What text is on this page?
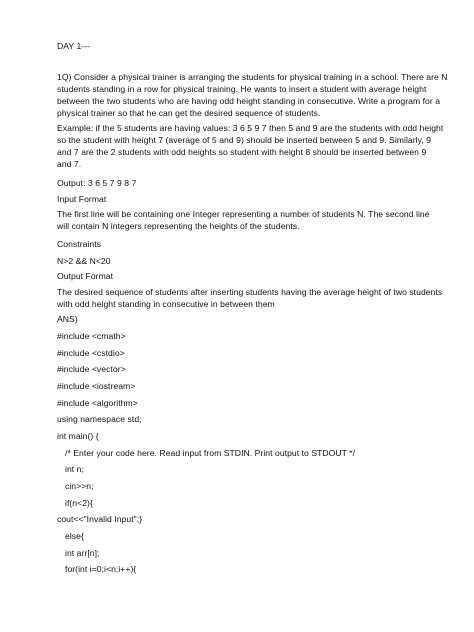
DAY 1---
1Q) Consider a physical trainer is arranging the students for physical training in a school. There are N
students standing in a row for physical training. He wants to insert a student with average height
between the two students who are having odd height standing in consecutive. Write a program for a
physical trainer so that he can get the desired sequence of students.
Example: if the 5 students are having values: 3 6 5 9 7 then 5 and 9 are the students with odd height
so the student with height 7 (average of 5 and 9) should be inserted between 5 and 9. Similarly, 9
and 7 are the 2 students with odd heights so student with height 8 should be inserted between 9
and 7.
Output: 3 6 5 7 9 8 7
Input Format
The first line will be containing one Integer representing a number of students N. The second line
will contain N integers representing the heights of the students.
Constraints
N>2 && N<20
Output Format
The desired sequence of students after inserting students having the average height of two students
with odd height standing in consecutive in between them
ANS)
#include <cmath>
#include <cstdio>
#include <vector>
#include <iostream>
#include <algorithm>
using namespace std;
int main() {
/* Enter your code here. Read input from STDIN. Print output to STDOUT */
int n;
cin>>n;
if(n<2){
cout<<"Invalid Input";}
else{
int arr[n];
for(int i=0;i<n;i++){
